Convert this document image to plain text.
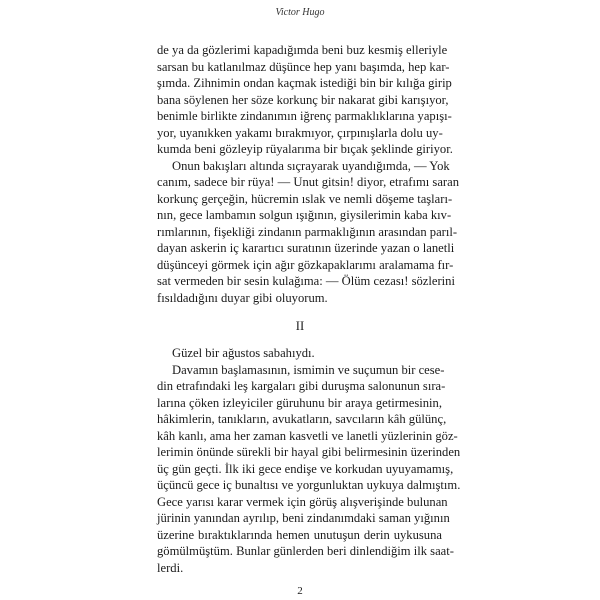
Victor Hugo

de ya da gözlerimi kapadığımda beni buz kesmiş elleriyle

sarsan bu katlanılmaz düşünce hep yanı başımda, hep kar-

şımda. Zihnimin ondan kaçmak istediği bin bir kılığa girip

bana söylenen her söze korkunç bir nakarat gibi karışıyor,

benimle birlikte zindanımın iğrenç parmaklıklarına yapışı-

yor, uyanıkken yakamı bırakmıyor, çırpınışlarla dolu uy-

kumda beni gözleyip rüyalarıma bir bıçak şeklinde giriyor.

Onun bakışları altında sıçrayarak uyandığımda, — Yok

canım, sadece bir rüya! — Unut gitsin! diyor, etrafımı saran

korkunç gerçeğin, hücremin ıslak ve nemli döşeme taşları-

nın, gece lambamın solgun ışığının, giysilerimin kaba kıv-

rımlarının, fişekliği zindanın parmaklığının arasından parıl-

dayan askerin iç karartıcı suratının üzerinde yazan o lanetli

düşünceyi görmek için ağır gözkapaklarımı aralamama fır-

sat vermeden bir sesin kulağıma: — Ölüm cezası! sözlerini

fısıldadığını duyar gibi oluyorum.

II

Güzel bir ağustos sabahıydı.

Davamın başlamasının, ismimin ve suçumun bir cese-

din etrafındaki leş kargaları gibi duruşma salonunun sıra-

larına çöken izleyiciler güruhunu bir araya getirmesinin,

hâkimlerin, tanıkların, avukatların, savcıların kâh gülünç,

kâh kanlı, ama her zaman kasvetli ve lanetli yüzlerinin göz-

lerimin önünde sürekli bir hayal gibi belirmesinin üzerinden

üç gün geçti. İlk iki gece endişe ve korkudan uyuyamamış,

üçüncü gece iç bunaltısı ve yorgunluktan uykuya dalmıştım.

Gece yarısı karar vermek için görüş alışverişinde bulunan

jürinin yanından ayrılıp, beni zindanımdaki saman yığının

üzerine bıraktıklarında hemen unutuşun derin uykusuna

gömülmüştüm. Bunlar günlerden beri dinlendiğim ilk saat-

lerdi.

2
